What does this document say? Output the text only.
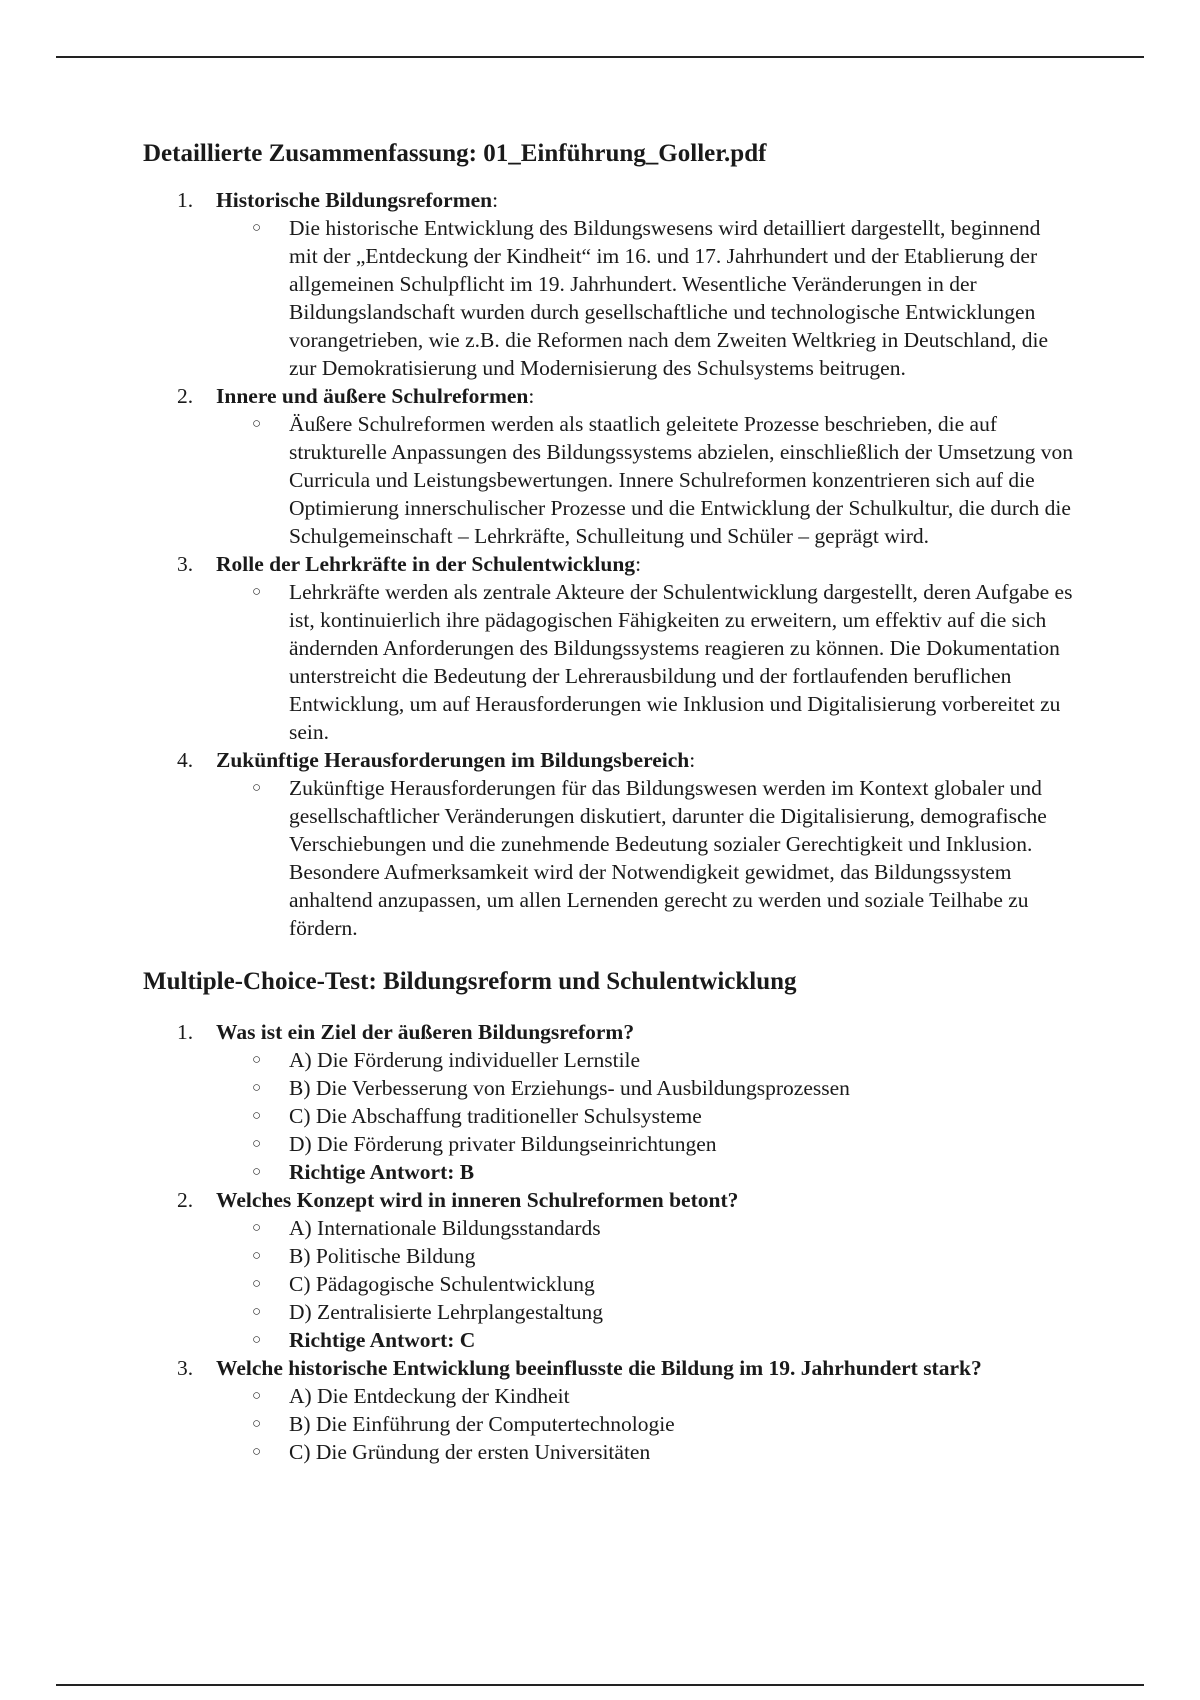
Detaillierte Zusammenfassung: 01_Einführung_Goller.pdf
1.	Historische Bildungsreformen:
○ Die historische Entwicklung des Bildungswesens wird detailliert dargestellt, beginnend mit der „Entdeckung der Kindheit“ im 16. und 17. Jahrhundert und der Etablierung der allgemeinen Schulpflicht im 19. Jahrhundert. Wesentliche Veränderungen in der Bildungslandschaft wurden durch gesellschaftliche und technologische Entwicklungen vorangetrieben, wie z.B. die Reformen nach dem Zweiten Weltkrieg in Deutschland, die zur Demokratisierung und Modernisierung des Schulsystems beitrugen.
2.	Innere und äußere Schulreformen:
○ Äußere Schulreformen werden als staatlich geleitete Prozesse beschrieben, die auf strukturelle Anpassungen des Bildungssystems abzielen, einschließlich der Umsetzung von Curricula und Leistungsbewertungen. Innere Schulreformen konzentrieren sich auf die Optimierung innerschulischer Prozesse und die Entwicklung der Schulkultur, die durch die Schulgemeinschaft – Lehrkräfte, Schulleitung und Schüler – geprägt wird.
3.	Rolle der Lehrkräfte in der Schulentwicklung:
○ Lehrkräfte werden als zentrale Akteure der Schulentwicklung dargestellt, deren Aufgabe es ist, kontinuierlich ihre pädagogischen Fähigkeiten zu erweitern, um effektiv auf die sich ändernden Anforderungen des Bildungssystems reagieren zu können. Die Dokumentation unterstreicht die Bedeutung der Lehrerausbildung und der fortlaufenden beruflichen Entwicklung, um auf Herausforderungen wie Inklusion und Digitalisierung vorbereitet zu sein.
4.	Zukünftige Herausforderungen im Bildungsbereich:
○ Zukünftige Herausforderungen für das Bildungswesen werden im Kontext globaler und gesellschaftlicher Veränderungen diskutiert, darunter die Digitalisierung, demografische Verschiebungen und die zunehmende Bedeutung sozialer Gerechtigkeit und Inklusion. Besondere Aufmerksamkeit wird der Notwendigkeit gewidmet, das Bildungssystem anhaltend anzupassen, um allen Lernenden gerecht zu werden und soziale Teilhabe zu fördern.
Multiple-Choice-Test: Bildungsreform und Schulentwicklung
1.	Was ist ein Ziel der äußeren Bildungsreform?
○ A) Die Förderung individueller Lernstile
○ B) Die Verbesserung von Erziehungs- und Ausbildungsprozessen
○ C) Die Abschaffung traditioneller Schulsysteme
○ D) Die Förderung privater Bildungseinrichtungen
○ Richtige Antwort: B
2.	Welches Konzept wird in inneren Schulreformen betont?
○ A) Internationale Bildungsstandards
○ B) Politische Bildung
○ C) Pädagogische Schulentwicklung
○ D) Zentralisierte Lehrplangestaltung
○ Richtige Antwort: C
3.	Welche historische Entwicklung beeinflusste die Bildung im 19. Jahrhundert stark?
○ A) Die Entdeckung der Kindheit
○ B) Die Einführung der Computertechnologie
○ C) Die Gründung der ersten Universitäten
